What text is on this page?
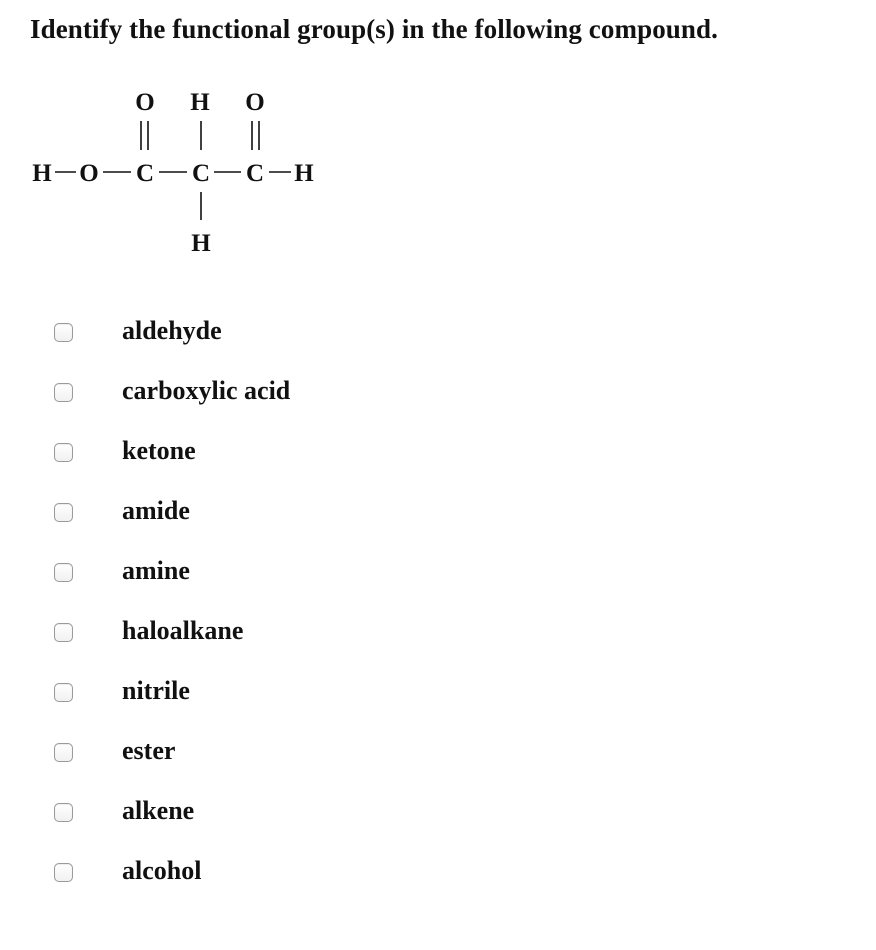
Identify the functional group(s) in the following compound.
O H O
H O C C C H
H
aldehyde
carboxylic acid
ketone
amide
amine
haloalkane
nitrile
ester
alkene
alcohol
